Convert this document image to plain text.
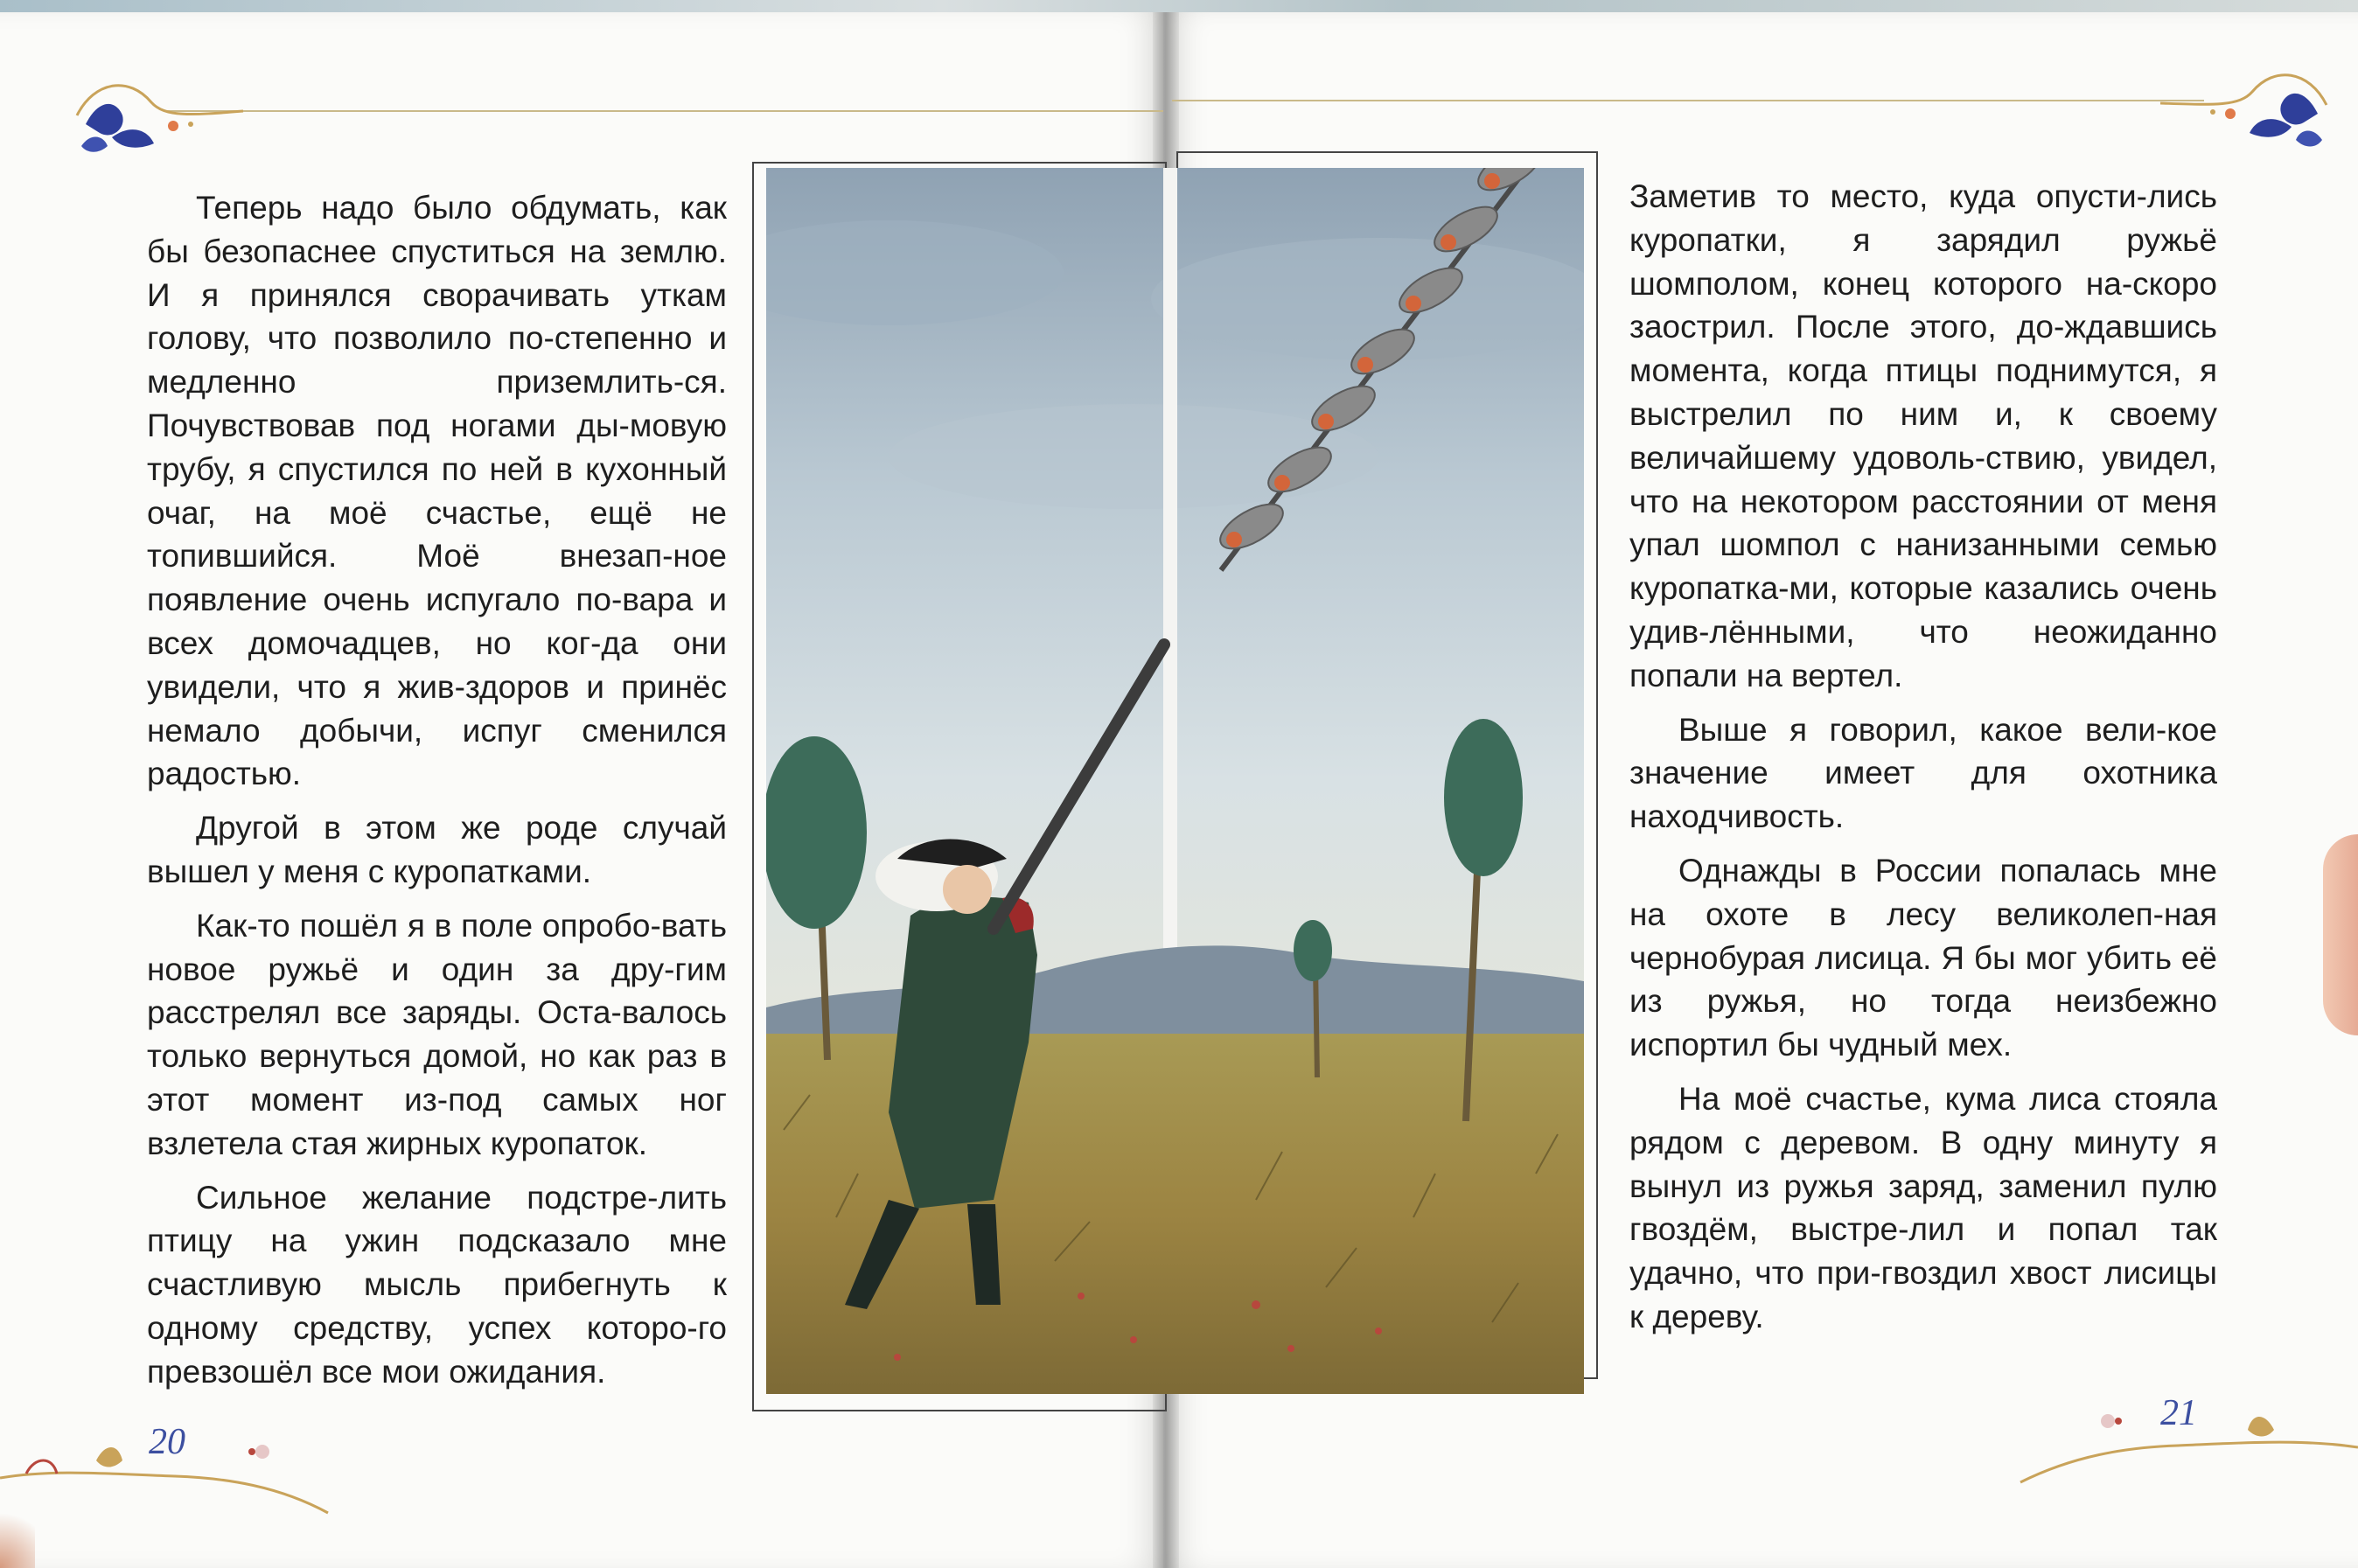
Теперь надо было обдумать, как бы безопаснее спуститься на землю. И я принялся сворачивать уткам голову, что позволило по-степенно и медленно приземлить-ся. Почувствовав под ногами ды-мовую трубу, я спустился по ней в кухонный очаг, на моё счастье, ещё не топившийся. Моё внезап-ное появление очень испугало по-вара и всех домочадцев, но ког-да они увидели, что я жив-здоров и принёс немало добычи, испуг сменился радостью.

Другой в этом же роде случай вышел у меня с куропатками.

Как-то пошёл я в поле опробо-вать новое ружьё и один за дру-гим расстрелял все заряды. Оста-валось только вернуться домой, но как раз в этот момент из-под самых ног взлетела стая жирных куропаток.

Сильное желание подстре-лить птицу на ужин подсказало мне счастливую мысль прибегнуть к одному средству, успех которо-го превзошёл все мои ожидания.

Заметив то место, куда опусти-лись куропатки, я зарядил ружьё шомполом, конец которого на-скоро заострил. После этого, до-ждавшись момента, когда птицы поднимутся, я выстрелил по ним и, к своему величайшему удоволь-ствию, увидел, что на некотором расстоянии от меня упал шомпол с нанизанными семью куропатка-ми, которые казались очень удив-лёнными, что неожиданно попали на вертел.

Выше я говорил, какое вели-кое значение имеет для охотника находчивость.

Однажды в России попалась мне на охоте в лесу великолеп-ная чернобурая лисица. Я бы мог убить её из ружья, но тогда неизбежно испортил бы чудный мех.

На моё счастье, кума лиса стояла рядом с деревом. В одну минуту я вынул из ружья заряд, заменил пулю гвоздём, выстре-лил и попал так удачно, что при-гвоздил хвост лисицы к дереву.

20
21
